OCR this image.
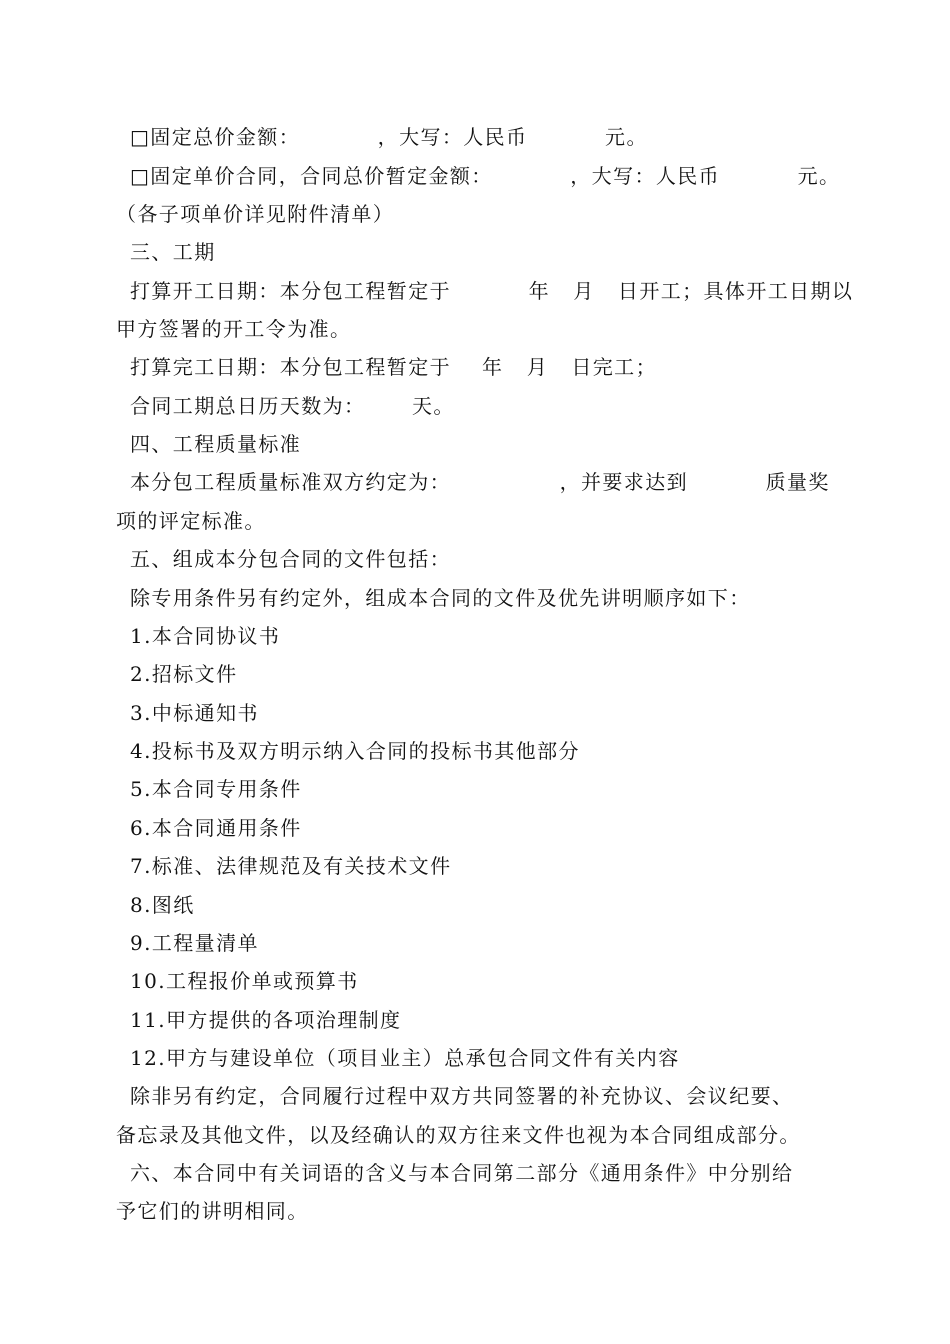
□固定总价金额：          ，大写：人民币          元。
□固定单价合同，合同总价暂定金额：          ，大写：人民币          元。
（各子项单价详见附件清单）
三、工期
打算开工日期：本分包工程暂定于          年   月   日开工；具体开工日期以
甲方签署的开工令为准。
打算完工日期：本分包工程暂定于    年   月   日完工；
合同工期总日历天数为：      天。
四、工程质量标准
本分包工程质量标准双方约定为：              ，并要求达到          质量奖
项的评定标准。
五、组成本分包合同的文件包括：
除专用条件另有约定外，组成本合同的文件及优先讲明顺序如下：
1.本合同协议书
2.招标文件
3.中标通知书
4.投标书及双方明示纳入合同的投标书其他部分
5.本合同专用条件
6.本合同通用条件
7.标准、法律规范及有关技术文件
8.图纸
9.工程量清单
10.工程报价单或预算书
11.甲方提供的各项治理制度
12.甲方与建设单位（项目业主）总承包合同文件有关内容
除非另有约定，合同履行过程中双方共同签署的补充协议、会议纪要、
备忘录及其他文件，以及经确认的双方往来文件也视为本合同组成部分。
六、本合同中有关词语的含义与本合同第二部分《通用条件》中分别给
予它们的讲明相同。
